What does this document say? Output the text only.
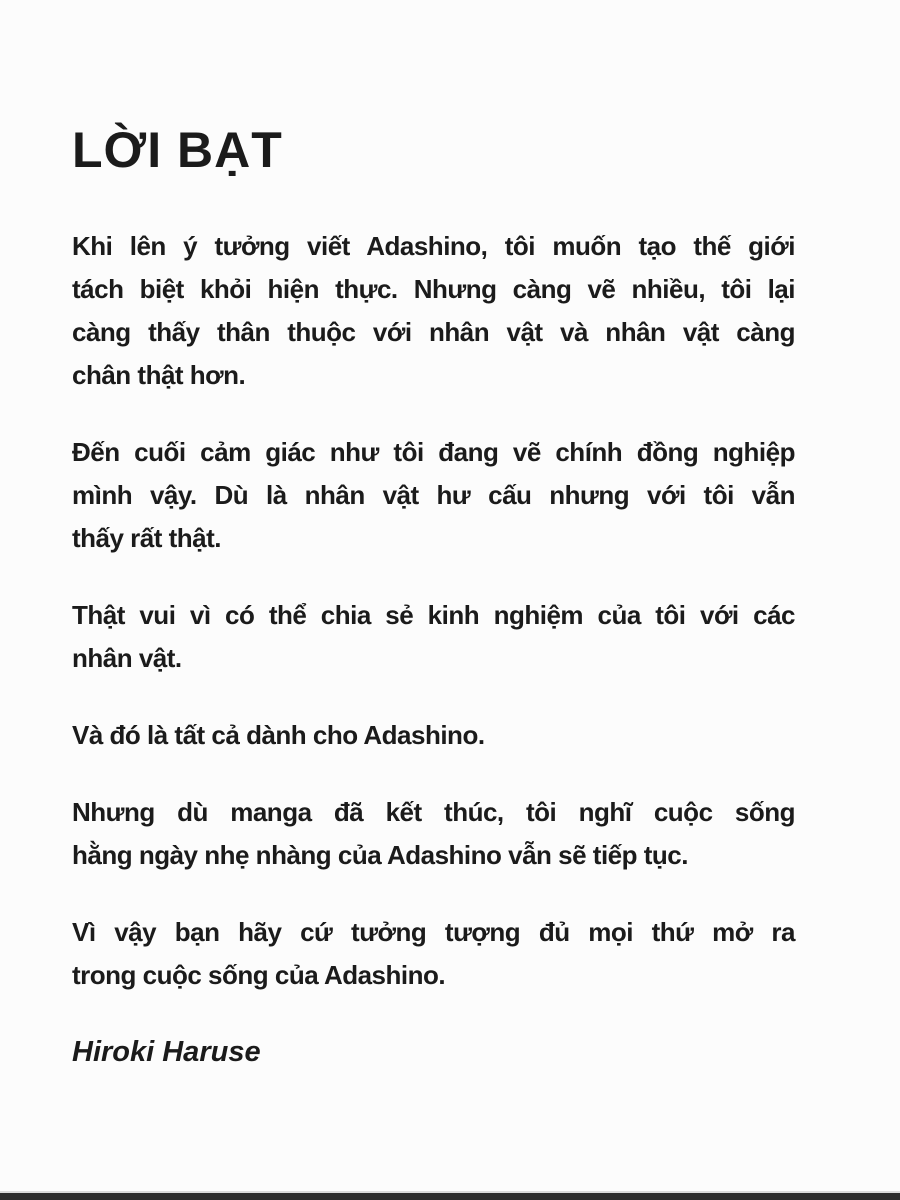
LỜI BẠT

Khi lên ý tưởng viết Adashino, tôi muốn tạo thế giới
tách biệt khỏi hiện thực. Nhưng càng vẽ nhiều, tôi lại
càng thấy thân thuộc với nhân vật và nhân vật càng
chân thật hơn.

Đến cuối cảm giác như tôi đang vẽ chính đồng nghiệp
mình vậy. Dù là nhân vật hư cấu nhưng với tôi vẫn
thấy rất thật.

Thật vui vì có thể chia sẻ kinh nghiệm của tôi với các
nhân vật.

Và đó là tất cả dành cho Adashino.

Nhưng dù manga đã kết thúc, tôi nghĩ cuộc sống
hằng ngày nhẹ nhàng của Adashino vẫn sẽ tiếp tục.

Vì vậy bạn hãy cứ tưởng tượng đủ mọi thứ mở ra
trong cuộc sống của Adashino.

Hiroki Haruse
